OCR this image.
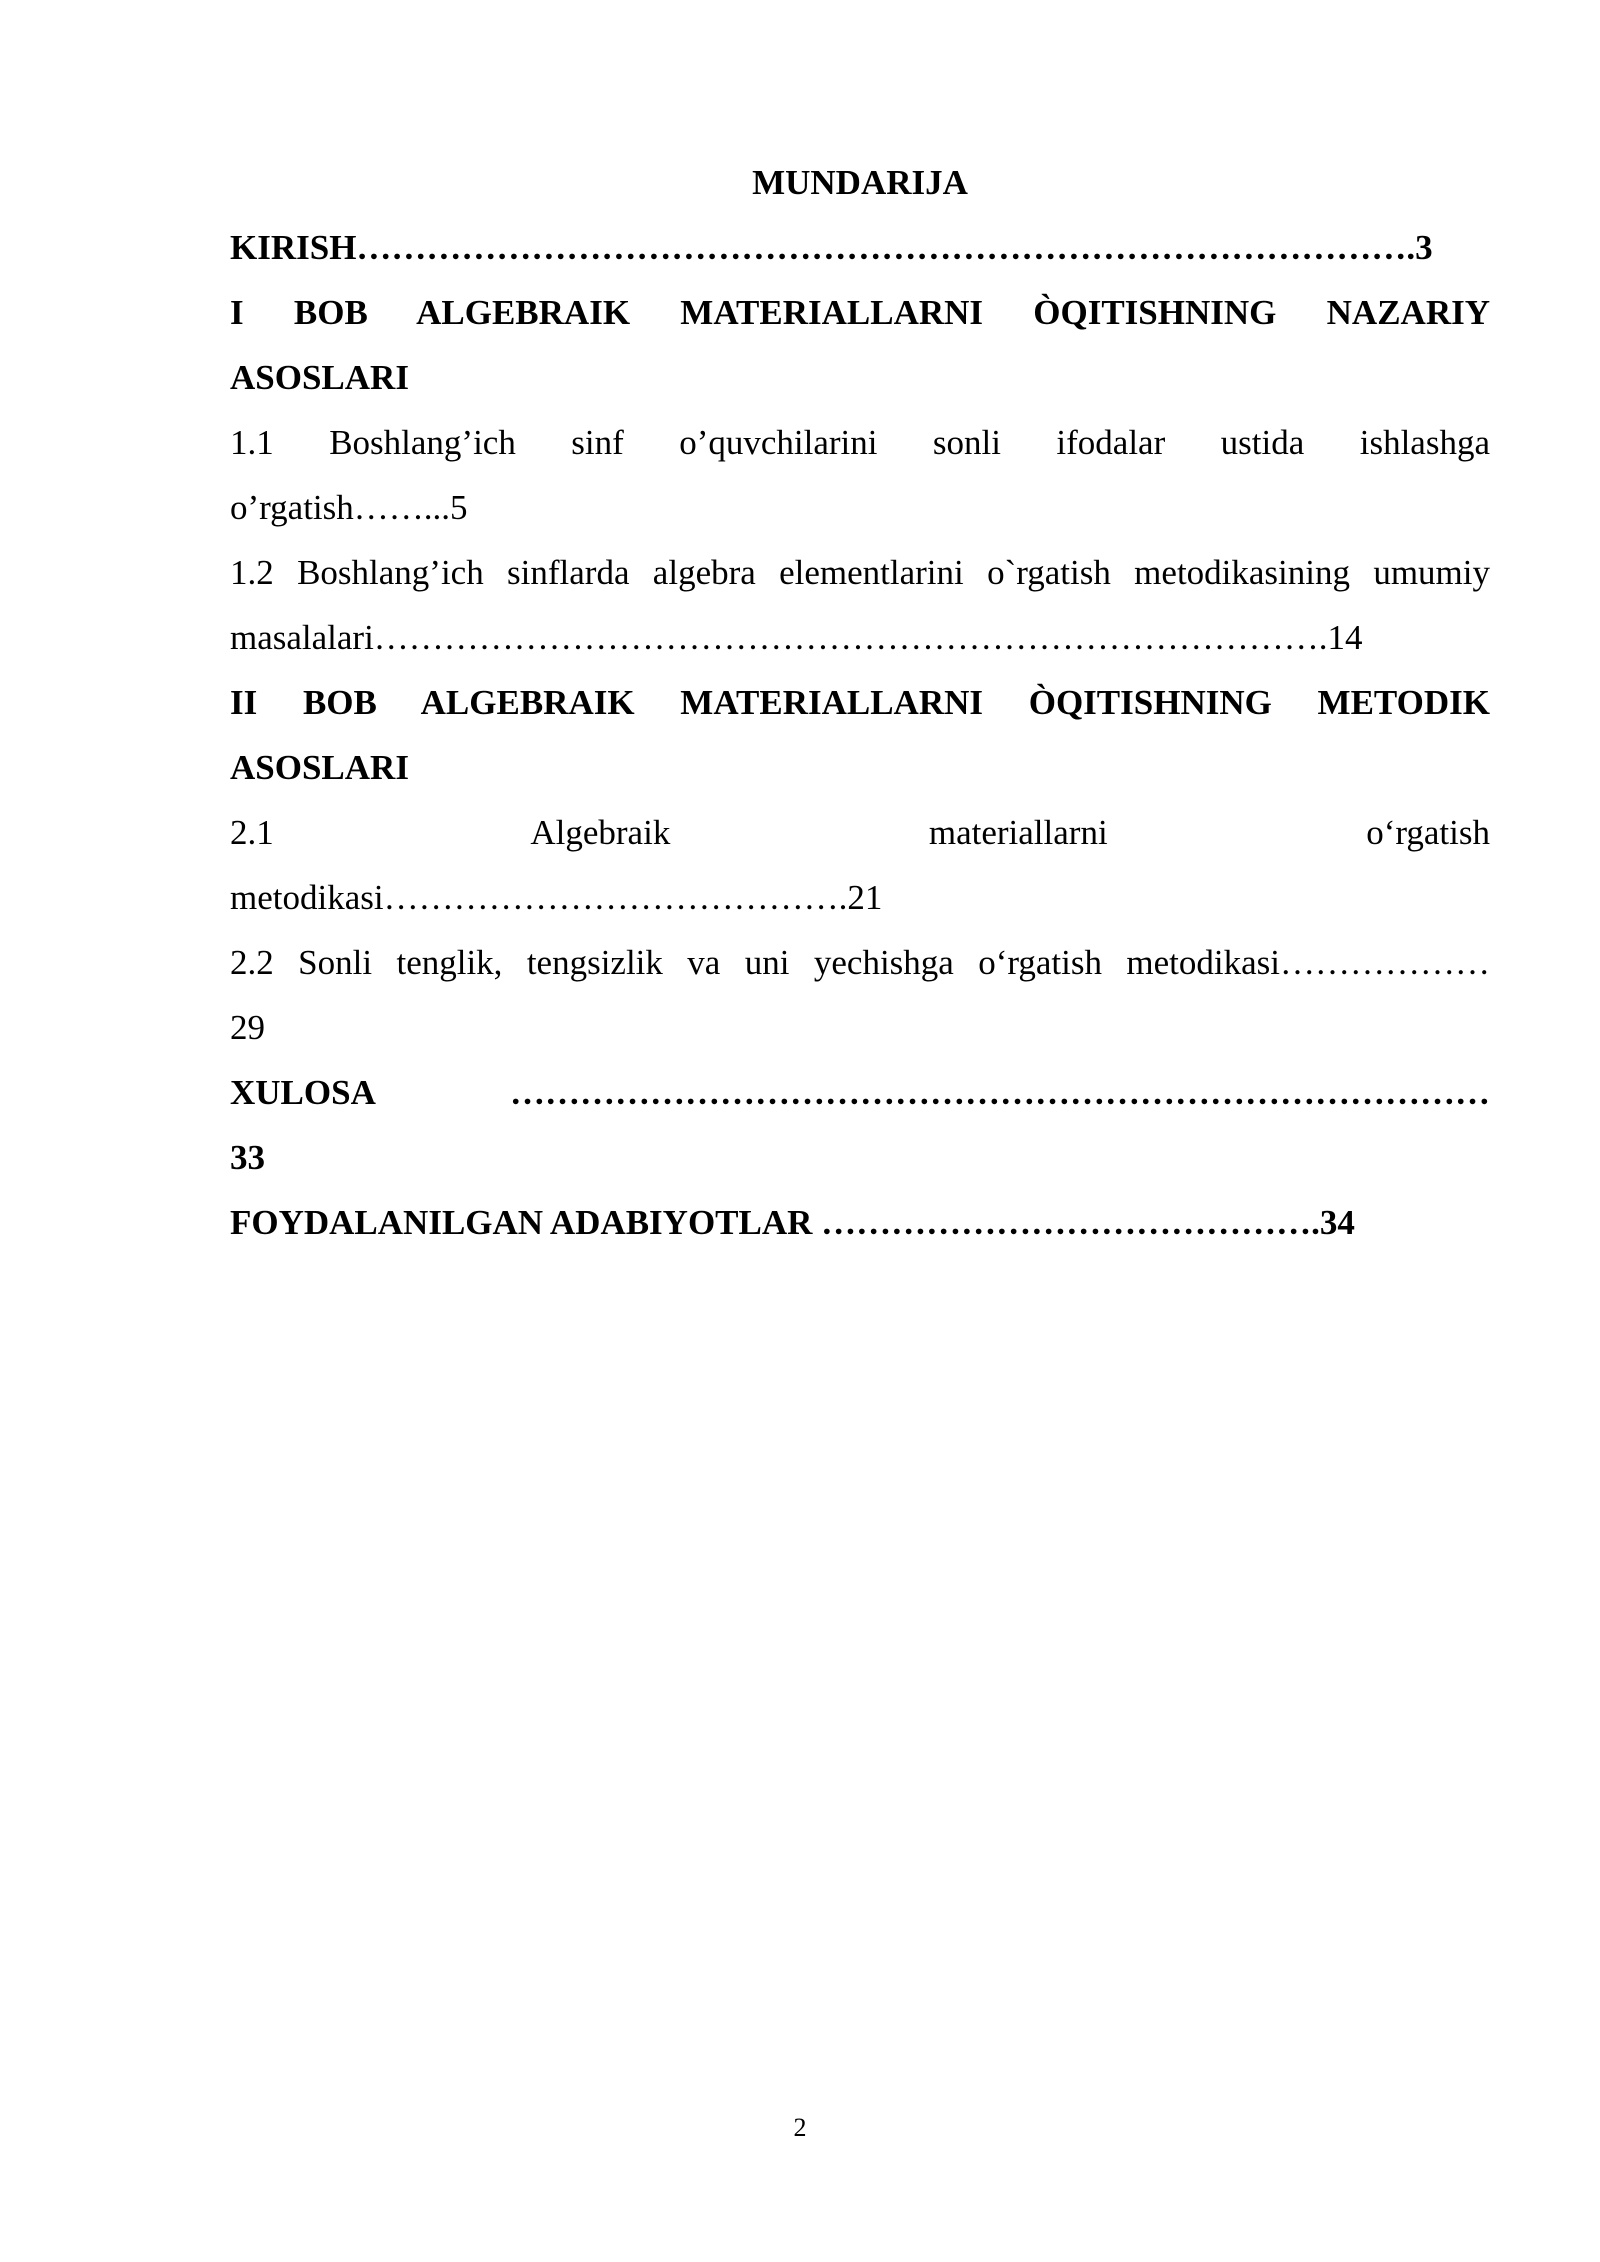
MUNDARIJA

KIRISH……………………………………………………………………………….3
I BOB ALGEBRAIK MATERIALLARNI ÒQITISHNING NAZARIY
ASOSLARI
1.1 Boshlang’ich sinf o’quvchilarini sonli ifodalar ustida ishlashga
o’rgatish……...5
1.2 Boshlang’ich sinflarda algebra elementlarini o`rgatish metodikasining umumiy
masalalari……………………………………………………………………….14
II BOB ALGEBRAIK MATERIALLARNI ÒQITISHNING METODIK
ASOSLARI
2.1 Algebraik materiallarni o‘rgatish
metodikasi………………………………….21
2.2 Sonli tenglik, tengsizlik va uni yechishga o‘rgatish metodikasi………………
29
XULOSA …………………………………………………………………………
33
FOYDALANILGAN ADABIYOTLAR …………………………………….34
2
